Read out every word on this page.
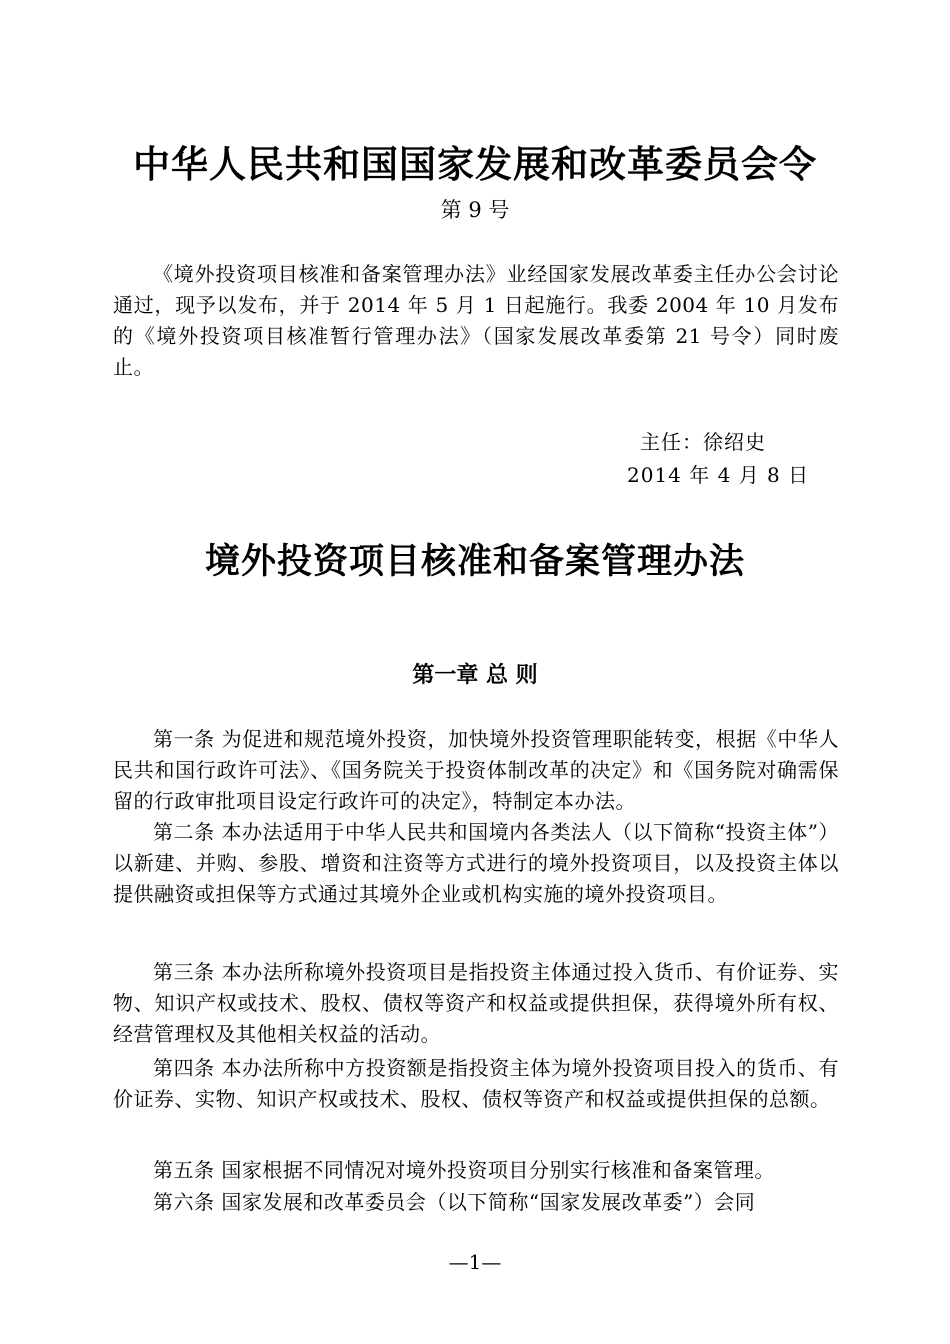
中华人民共和国国家发展和改革委员会令
第 9 号

《境外投资项目核准和备案管理办法》业经国家发展改革委主任办公会讨论通过，现予以发布，并于 2014 年 5 月 1 日起施行。我委 2004 年 10 月发布的《境外投资项目核准暂行管理办法》（国家发展改革委第 21 号令）同时废止。

主任：徐绍史
2014 年 4 月 8 日
境外投资项目核准和备案管理办法
第一章 总 则

第一条 为促进和规范境外投资，加快境外投资管理职能转变，根据《中华人民共和国行政许可法》、《国务院关于投资体制改革的决定》和《国务院对确需保留的行政审批项目设定行政许可的决定》，特制定本办法。

第二条 本办法适用于中华人民共和国境内各类法人（以下简称“投资主体”）以新建、并购、参股、增资和注资等方式进行的境外投资项目，以及投资主体以提供融资或担保等方式通过其境外企业或机构实施的境外投资项目。

第三条 本办法所称境外投资项目是指投资主体通过投入货币、有价证券、实物、知识产权或技术、股权、债权等资产和权益或提供担保，获得境外所有权、经营管理权及其他相关权益的活动。

第四条 本办法所称中方投资额是指投资主体为境外投资项目投入的货币、有价证券、实物、知识产权或技术、股权、债权等资产和权益或提供担保的总额。

第五条 国家根据不同情况对境外投资项目分别实行核准和备案管理。

第六条 国家发展和改革委员会（以下简称“国家发展改革委”）会同

—1—
